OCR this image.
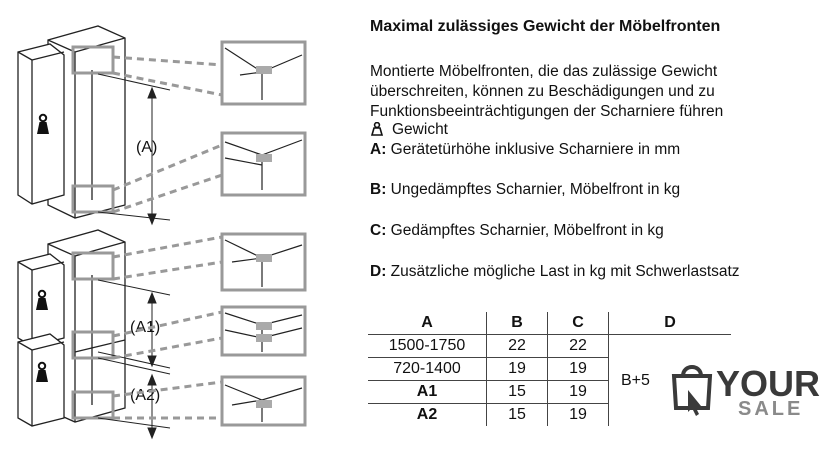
(A)
(A1)
(A2)
Maximal zulässiges Gewicht der Möbelfronten
Montierte Möbelfronten, die das zulässige Gewicht
überschreiten, können zu Beschädigungen und zu
Funktionsbeeinträchtigungen der Scharniere führen
Gewicht
A: Gerätetürhöhe inklusive Scharniere in mm
B: Ungedämpftes Scharnier, Möbelfront in kg
C: Gedämpftes Scharnier, Möbelfront in kg
D: Zusätzliche mögliche Last in kg mit Schwerlastsatz
A	B	C	D
1500-1750	22	22	B+5
720-1400	19	19	
A1	15	19	
A2	15	19	
YOUR
SALE
